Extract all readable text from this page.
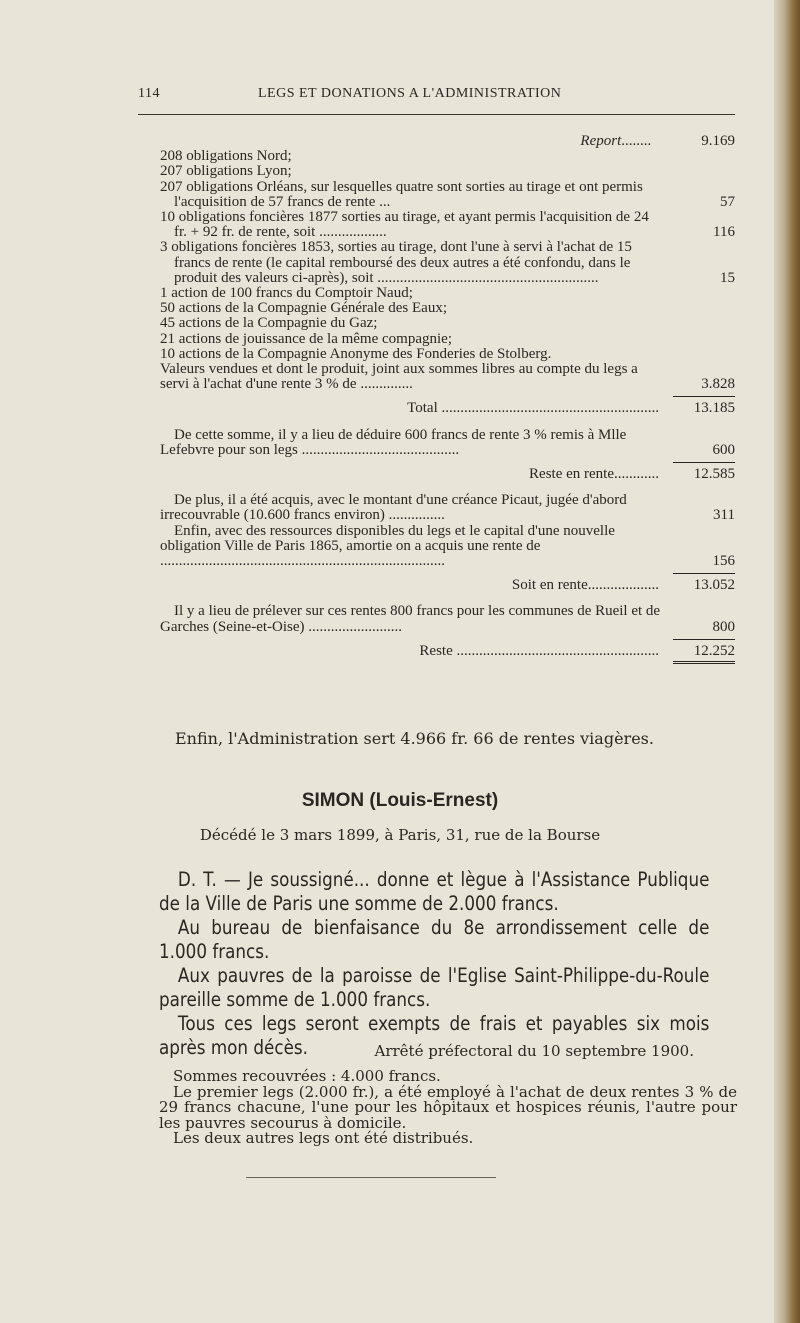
114	LEGS ET DONATIONS A L'ADMINISTRATION
Report........	9.169
208 obligations Nord;
207 obligations Lyon;
207 obligations Orléans, sur lesquelles quatre sont sorties au tirage et ont permis l'acquisition de 57 francs de rente ...	57
10 obligations foncières 1877 sorties au tirage, et ayant permis l'acquisition de 24 fr. + 92 fr. de rente, soit ..................	116
3 obligations foncières 1853, sorties au tirage, dont l'une à servi à l'achat de 15 francs de rente (le capital remboursé des deux autres a été confondu, dans le produit des valeurs ci-après), soit ...........................................................	15
1 action de 100 francs du Comptoir Naud;
50 actions de la Compagnie Générale des Eaux;
45 actions de la Compagnie du Gaz;
21 actions de jouissance de la même compagnie;
10 actions de la Compagnie Anonyme des Fonderies de Stolberg.
Valeurs vendues et dont le produit, joint aux sommes libres au compte du legs a servi à l'achat d'une rente 3 % de ..............	3.828
Total .......................................................... 13.185
De cette somme, il y a lieu de déduire 600 francs de rente 3 % remis à Mlle Lefebvre pour son legs ..........................................	600
Reste en rente............ 12.585
De plus, il a été acquis, avec le montant d'une créance Picaut, jugée d'abord irrecouvrable (10.600 francs environ) ...............	311
Enfin, avec des ressources disponibles du legs et le capital d'une nouvelle obligation Ville de Paris 1865, amortie on a acquis une rente de ............................................................................	156
Soit en rente................... 13.052
Il y a lieu de prélever sur ces rentes 800 francs pour les communes de Rueil et de Garches (Seine-et-Oise) .........................	800
Reste ...................................................... 12.252
Enfin, l'Administration sert 4.966 fr. 66 de rentes viagères.
SIMON (Louis-Ernest)
Décédé le 3 mars 1899, à Paris, 31, rue de la Bourse

D. T. — Je soussigné... donne et lègue à l'Assistance Publique de la Ville de Paris une somme de 2.000 francs.

Au bureau de bienfaisance du 8e arrondissement celle de 1.000 francs.

Aux pauvres de la paroisse de l'Eglise Saint-Philippe-du-Roule pareille somme de 1.000 francs.

Tous ces legs seront exempts de frais et payables six mois après mon décès.	Arrêté préfectoral du 10 septembre 1900.

Sommes recouvrées : 4.000 francs.

Le premier legs (2.000 fr.), a été employé à l'achat de deux rentes 3 % de 29 francs chacune, l'une pour les hôpitaux et hospices réunis, l'autre pour les pauvres secourus à domicile.

Les deux autres legs ont été distribués.
